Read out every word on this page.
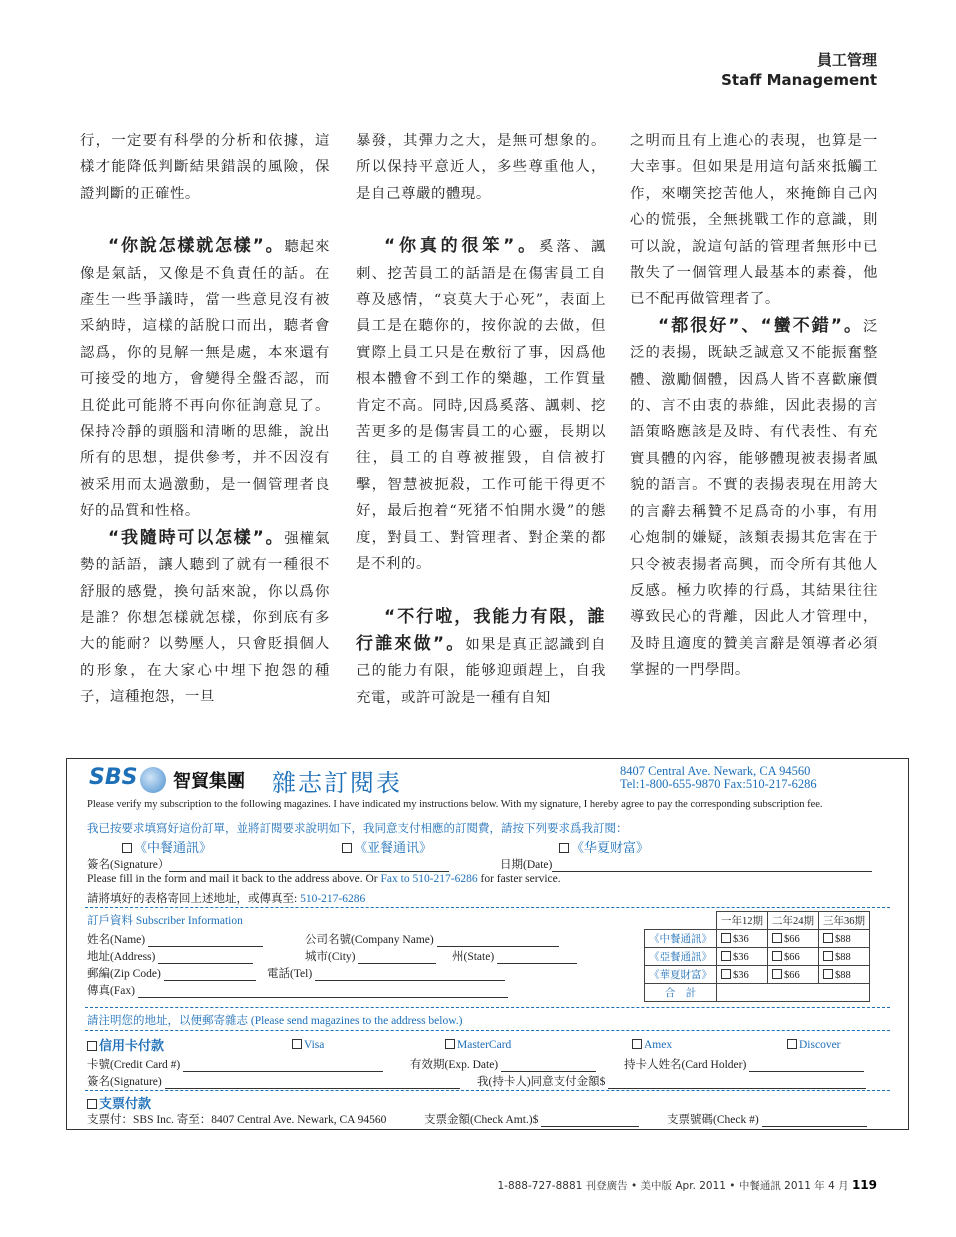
員工管理
Staff Management

行，一定要有科學的分析和依據，這樣才能降低判斷結果錯誤的風險，保證判斷的正確性。

“你說怎樣就怎樣”。聽起來像是氣話，又像是不負責任的話。在產生一些爭議時，當一些意見沒有被采納時，這樣的話脫口而出，聽者會認爲，你的見解一無是處，本來還有可接受的地方，會變得全盤否認，而且從此可能將不再向你征詢意見了。保持冷靜的頭腦和清晰的思維，說出所有的思想，提供參考，并不因沒有被采用而太過激動，是一個管理者良好的品質和性格。

“我隨時可以怎樣”。强權氣勢的話語，讓人聽到了就有一種很不舒服的感覺，換句話來說，你以爲你是誰？你想怎樣就怎樣，你到底有多大的能耐？以勢壓人，只會貶損個人的形象，在大家心中埋下抱怨的種子，這種抱怨，一旦

暴發，其彈力之大，是無可想象的。所以保持平意近人，多些尊重他人，是自己尊嚴的體現。

“你真的很笨”。奚落、諷刺、挖苦員工的話語是在傷害員工自尊及感情，“哀莫大于心死”，表面上員工是在聽你的，按你說的去做，但實際上員工只是在敷衍了事，因爲他根本體會不到工作的樂趣，工作質量肯定不高。同時,因爲奚落、諷刺、挖苦更多的是傷害員工的心靈，長期以往，員工的自尊被摧毀，自信被打擊，智慧被扼殺，工作可能干得更不好，最后抱着“死猪不怕開水燙”的態度，對員工、對管理者、對企業的都是不利的。

“不行啦，我能力有限，誰行誰來做”。如果是真正認識到自己的能力有限，能够迎頭趕上，自我充電，或許可說是一種有自知

之明而且有上進心的表現，也算是一大幸事。但如果是用這句話來抵觸工作，來嘲笑挖苦他人，來掩飾自己內心的慌張，全無挑戰工作的意識，則可以說，說這句話的管理者無形中已散失了一個管理人最基本的素養，他已不配再做管理者了。

“都很好”、“蠻不錯”。泛泛的表揚，既缺乏誠意又不能振奮整體、激勵個體，因爲人皆不喜歡廉價的、言不由衷的恭維，因此表揚的言語策略應該是及時、有代表性、有充實具體的內容，能够體現被表揚者風貌的語言。不實的表揚表現在用誇大的言辭去稱贊不足爲奇的小事，有用心炮制的嫌疑，該類表揚其危害在于只令被表揚者高興，而令所有其他人反感。極力吹捧的行爲，其結果往往導致民心的背離，因此人才管理中，及時且適度的贊美言辭是領導者必須掌握的一門學問。

SBS 智貿集團 雜志訂閱表	8407 Central Ave. Newark, CA 94560
Tel:1-800-655-9870 Fax:510-217-6286
Please verify my subscription to the following magazines. I have indicated my instructions below. With my signature, I hereby agree to pay the corresponding subscription fee.
我已按要求填寫好這份訂單，並將訂閱要求說明如下，我同意支付相應的訂閱費，請按下列要求爲我訂閱：
《中餐通訊》	《亚餐通讯》	《华夏财富》
簽名(Signature）	日期(Date)
Please fill in the form and mail it back to the address above. Or Fax to 510-217-6286 for faster service.
請將填好的表格寄回上述地址，或傳真至: 510-217-6286
訂戶資料 Subscriber Information
姓名(Name)	公司名號(Company Name)
地址(Address)	城市(City)	州(State)
郵編(Zip Code)	電話(Tel)
傳真(Fax)
	一年12期	二年24期	三年36期
《中餐通訊》	$36	$66	$88
《亞餐通訊》	$36	$66	$88
《華夏財富》	$36	$66	$88
合　計			
請注明您的地址，以便郵寄雜志 (Please send magazines to the address below.)
信用卡付款	Visa	MasterCard	Amex	Discover
卡號(Credit Card #)	有效期(Exp. Date)	持卡人姓名(Card Holder)
簽名(Signature)	我(持卡人)同意支付金額$
支票付款
支票付：SBS Inc. 寄至：8407 Central Ave. Newark, CA 94560	支票金額(Check Amt.)$	支票號碼(Check #)
1-888-727-8881 刊登廣告 • 美中版 Apr. 2011 • 中餐通訊 2011 年 4 月 119
